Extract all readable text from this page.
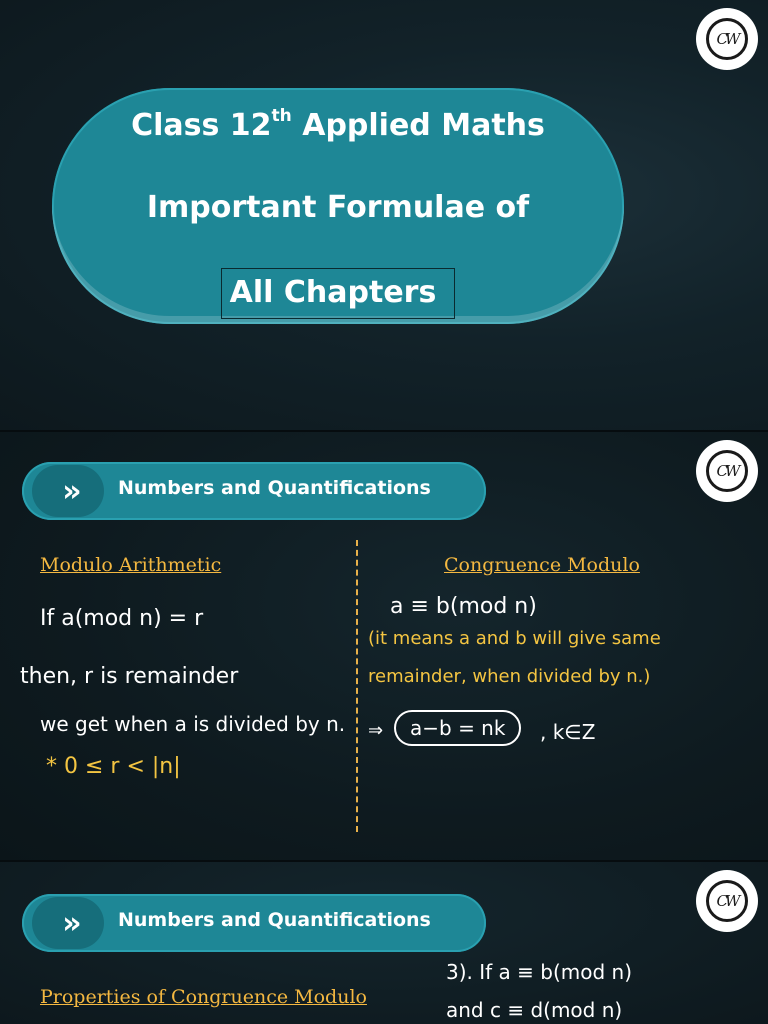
CW
Class 12th Applied Maths
Important Formulae of
All Chapters
CW
»	Numbers and Quantifications
Modulo Arithmetic
If a(mod n) = r
then, r is remainder
we get when a is divided by n.
* 0 ≤ r < |n|
Congruence Modulo
a ≡ b(mod n)
(it means a and b will give same
remainder, when divided by n.)
⇒	a−b = nk	, k∈Z
CW
»	Numbers and Quantifications
Properties of Congruence Modulo
3). If a ≡ b(mod n)
and c ≡ d(mod n)
